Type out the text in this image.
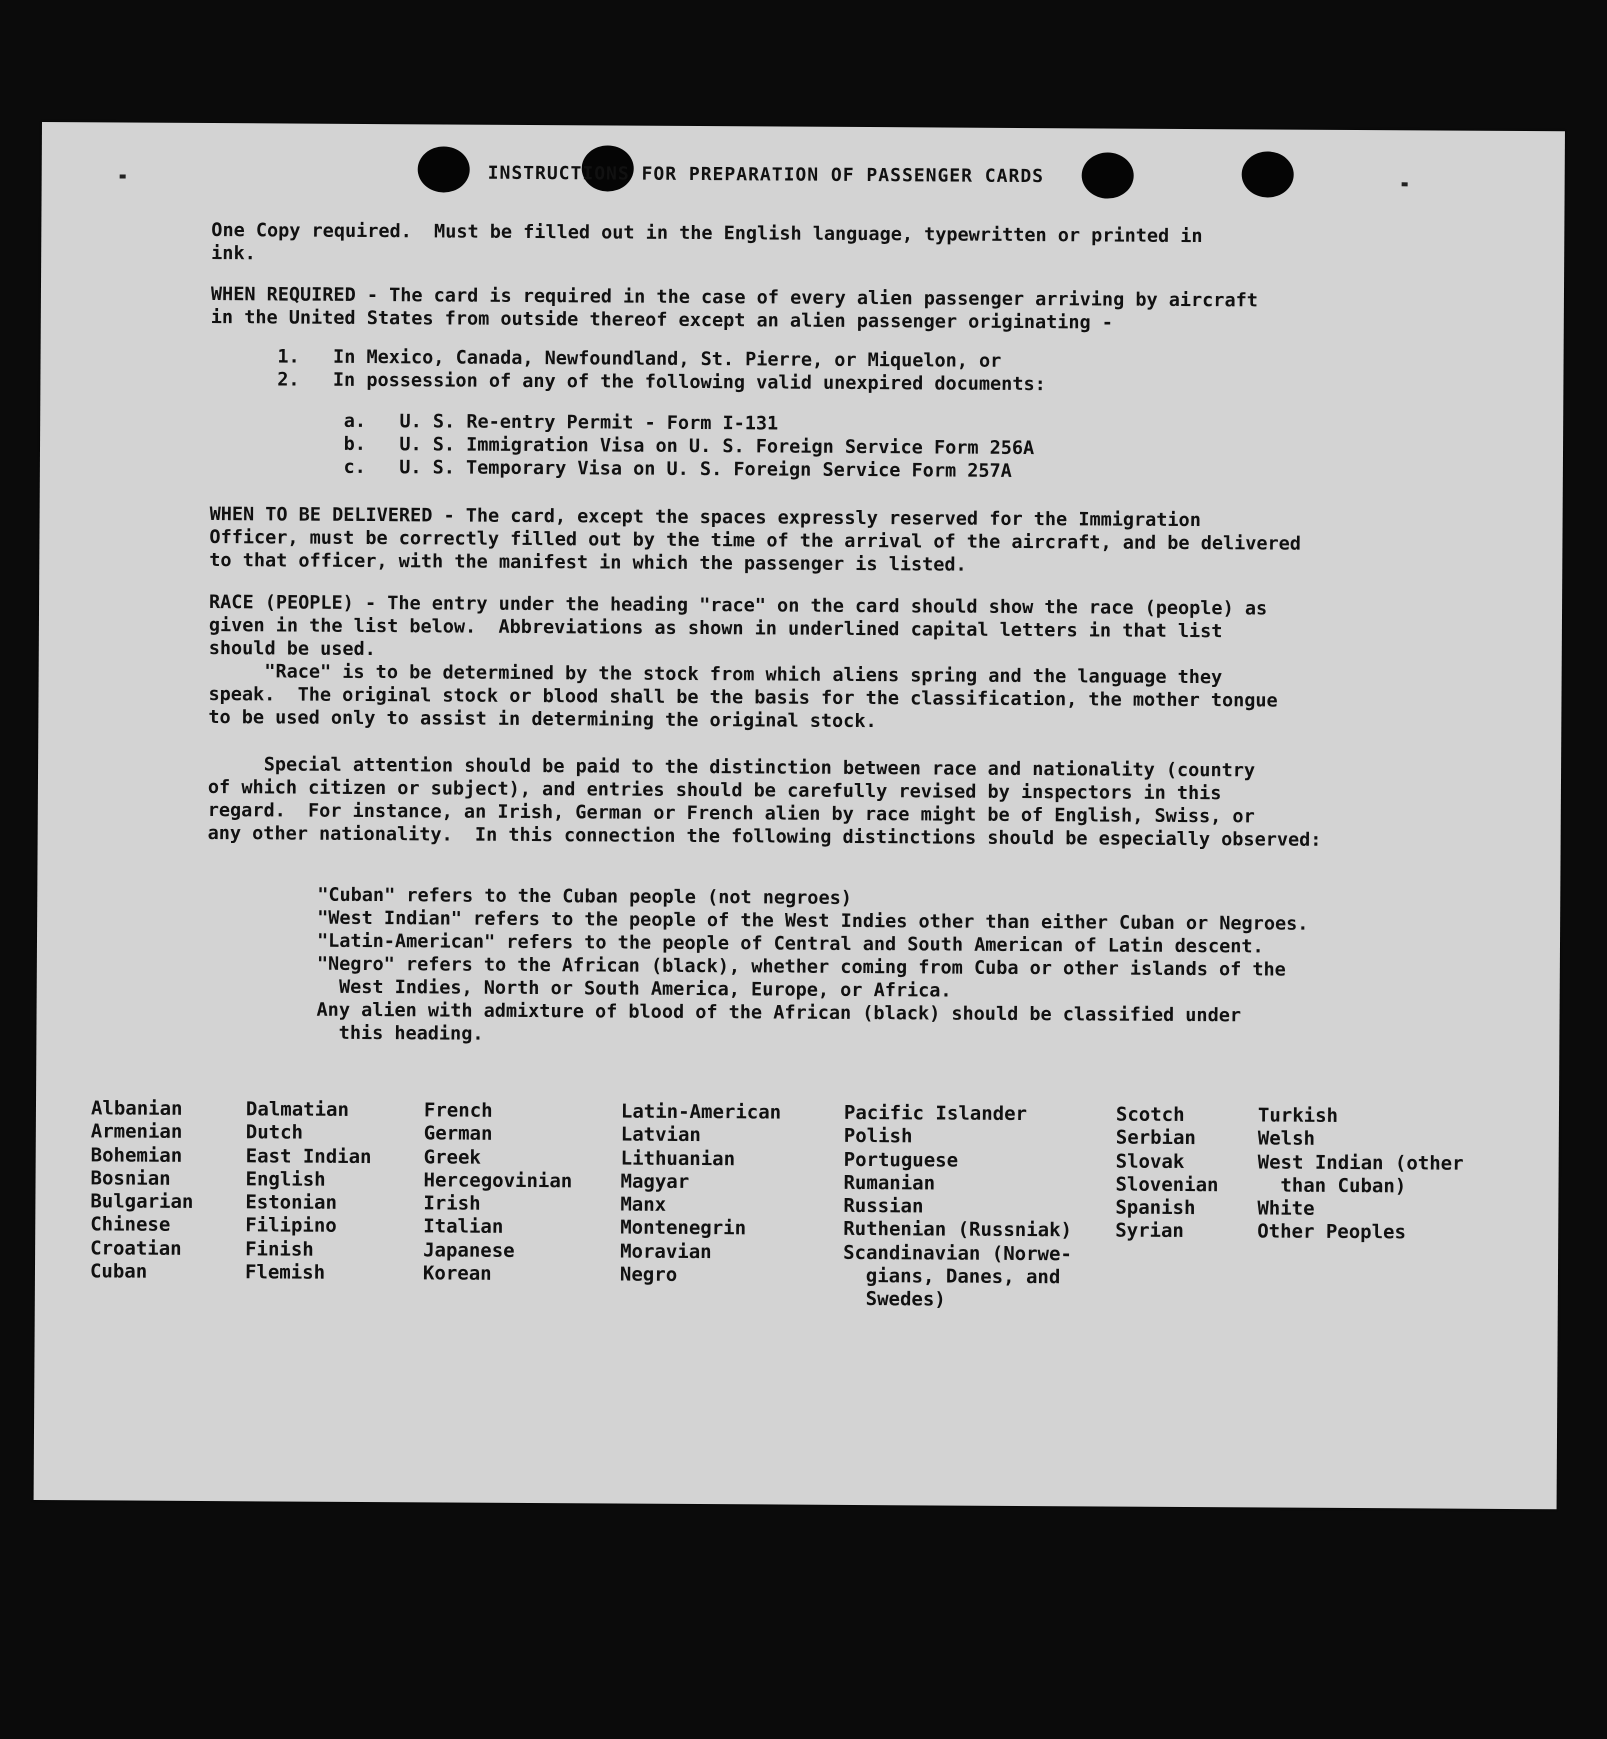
INSTRUCTIONS FOR PREPARATION OF PASSENGER CARDS
One Copy required.  Must be filled out in the English language, typewritten or printed in
ink.
WHEN REQUIRED - The card is required in the case of every alien passenger arriving by aircraft
in the United States from outside thereof except an alien passenger originating -
1.   In Mexico, Canada, Newfoundland, St. Pierre, or Miquelon, or
2.   In possession of any of the following valid unexpired documents:
a.   U. S. Re-entry Permit - Form I-131
b.   U. S. Immigration Visa on U. S. Foreign Service Form 256A
c.   U. S. Temporary Visa on U. S. Foreign Service Form 257A
WHEN TO BE DELIVERED - The card, except the spaces expressly reserved for the Immigration
Officer, must be correctly filled out by the time of the arrival of the aircraft, and be delivered
to that officer, with the manifest in which the passenger is listed.
RACE (PEOPLE) - The entry under the heading "race" on the card should show the race (people) as
given in the list below.  Abbreviations as shown in underlined capital letters in that list
should be used.
"Race" is to be determined by the stock from which aliens spring and the language they
speak.  The original stock or blood shall be the basis for the classification, the mother tongue
to be used only to assist in determining the original stock.
Special attention should be paid to the distinction between race and nationality (country
of which citizen or subject), and entries should be carefully revised by inspectors in this
regard.  For instance, an Irish, German or French alien by race might be of English, Swiss, or
any other nationality.  In this connection the following distinctions should be especially observed:
"Cuban" refers to the Cuban people (not negroes)
"West Indian" refers to the people of the West Indies other than either Cuban or Negroes.
"Latin-American" refers to the people of Central and South American of Latin descent.
"Negro" refers to the African (black), whether coming from Cuba or other islands of the
West Indies, North or South America, Europe, or Africa.
Any alien with admixture of blood of the African (black) should be classified under
this heading.
Albanian
Armenian
Bohemian
Bosnian
Bulgarian
Chinese
Croatian
Cuban
Dalmatian
Dutch
East Indian
English
Estonian
Filipino
Finish
Flemish
French
German
Greek
Hercegovinian
Irish
Italian
Japanese
Korean
Latin-American
Latvian
Lithuanian
Magyar
Manx
Montenegrin
Moravian
Negro
Pacific Islander
Polish
Portuguese
Rumanian
Russian
Ruthenian (Russniak)
Scandinavian (Norwe-
gians, Danes, and
Swedes)
Scotch
Serbian
Slovak
Slovenian
Spanish
Syrian
Turkish
Welsh
West Indian (other
than Cuban)
White
Other Peoples
